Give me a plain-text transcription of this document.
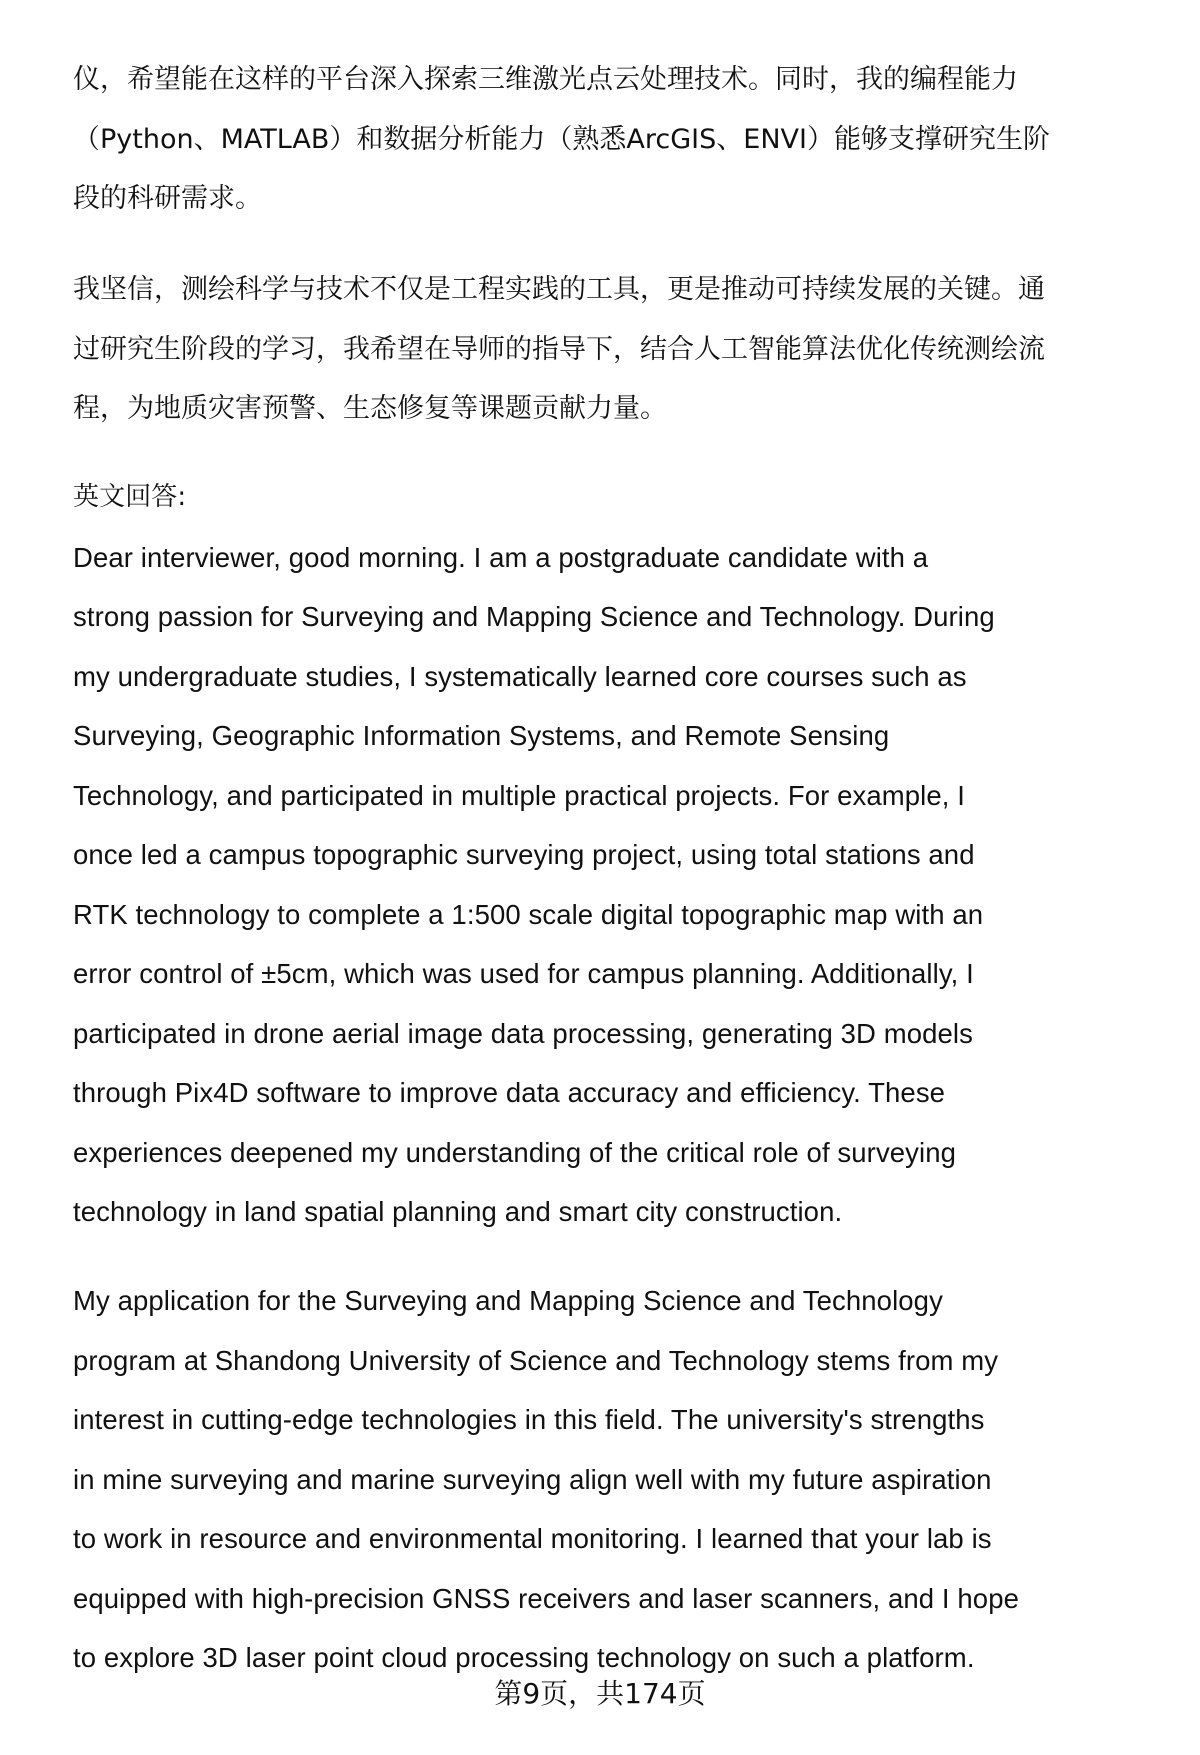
仪，希望能在这样的平台深入探索三维激光点云处理技术。同时，我的编程能力
（Python、MATLAB）和数据分析能力（熟悉ArcGIS、ENVI）能够支撑研究生阶
段的科研需求。
我坚信，测绘科学与技术不仅是工程实践的工具，更是推动可持续发展的关键。通
过研究生阶段的学习，我希望在导师的指导下，结合人工智能算法优化传统测绘流
程，为地质灾害预警、生态修复等课题贡献力量。
英文回答:
Dear interviewer, good morning. I am a postgraduate candidate with a
strong passion for Surveying and Mapping Science and Technology. During
my undergraduate studies, I systematically learned core courses such as
Surveying, Geographic Information Systems, and Remote Sensing
Technology, and participated in multiple practical projects. For example, I
once led a campus topographic surveying project, using total stations and
RTK technology to complete a 1:500 scale digital topographic map with an
error control of ±5cm, which was used for campus planning. Additionally, I
participated in drone aerial image data processing, generating 3D models
through Pix4D software to improve data accuracy and efficiency. These
experiences deepened my understanding of the critical role of surveying
technology in land spatial planning and smart city construction.
My application for the Surveying and Mapping Science and Technology
program at Shandong University of Science and Technology stems from my
interest in cutting-edge technologies in this field. The university's strengths
in mine surveying and marine surveying align well with my future aspiration
to work in resource and environmental monitoring. I learned that your lab is
equipped with high-precision GNSS receivers and laser scanners, and I hope
to explore 3D laser point cloud processing technology on such a platform.
第9页，共174页
